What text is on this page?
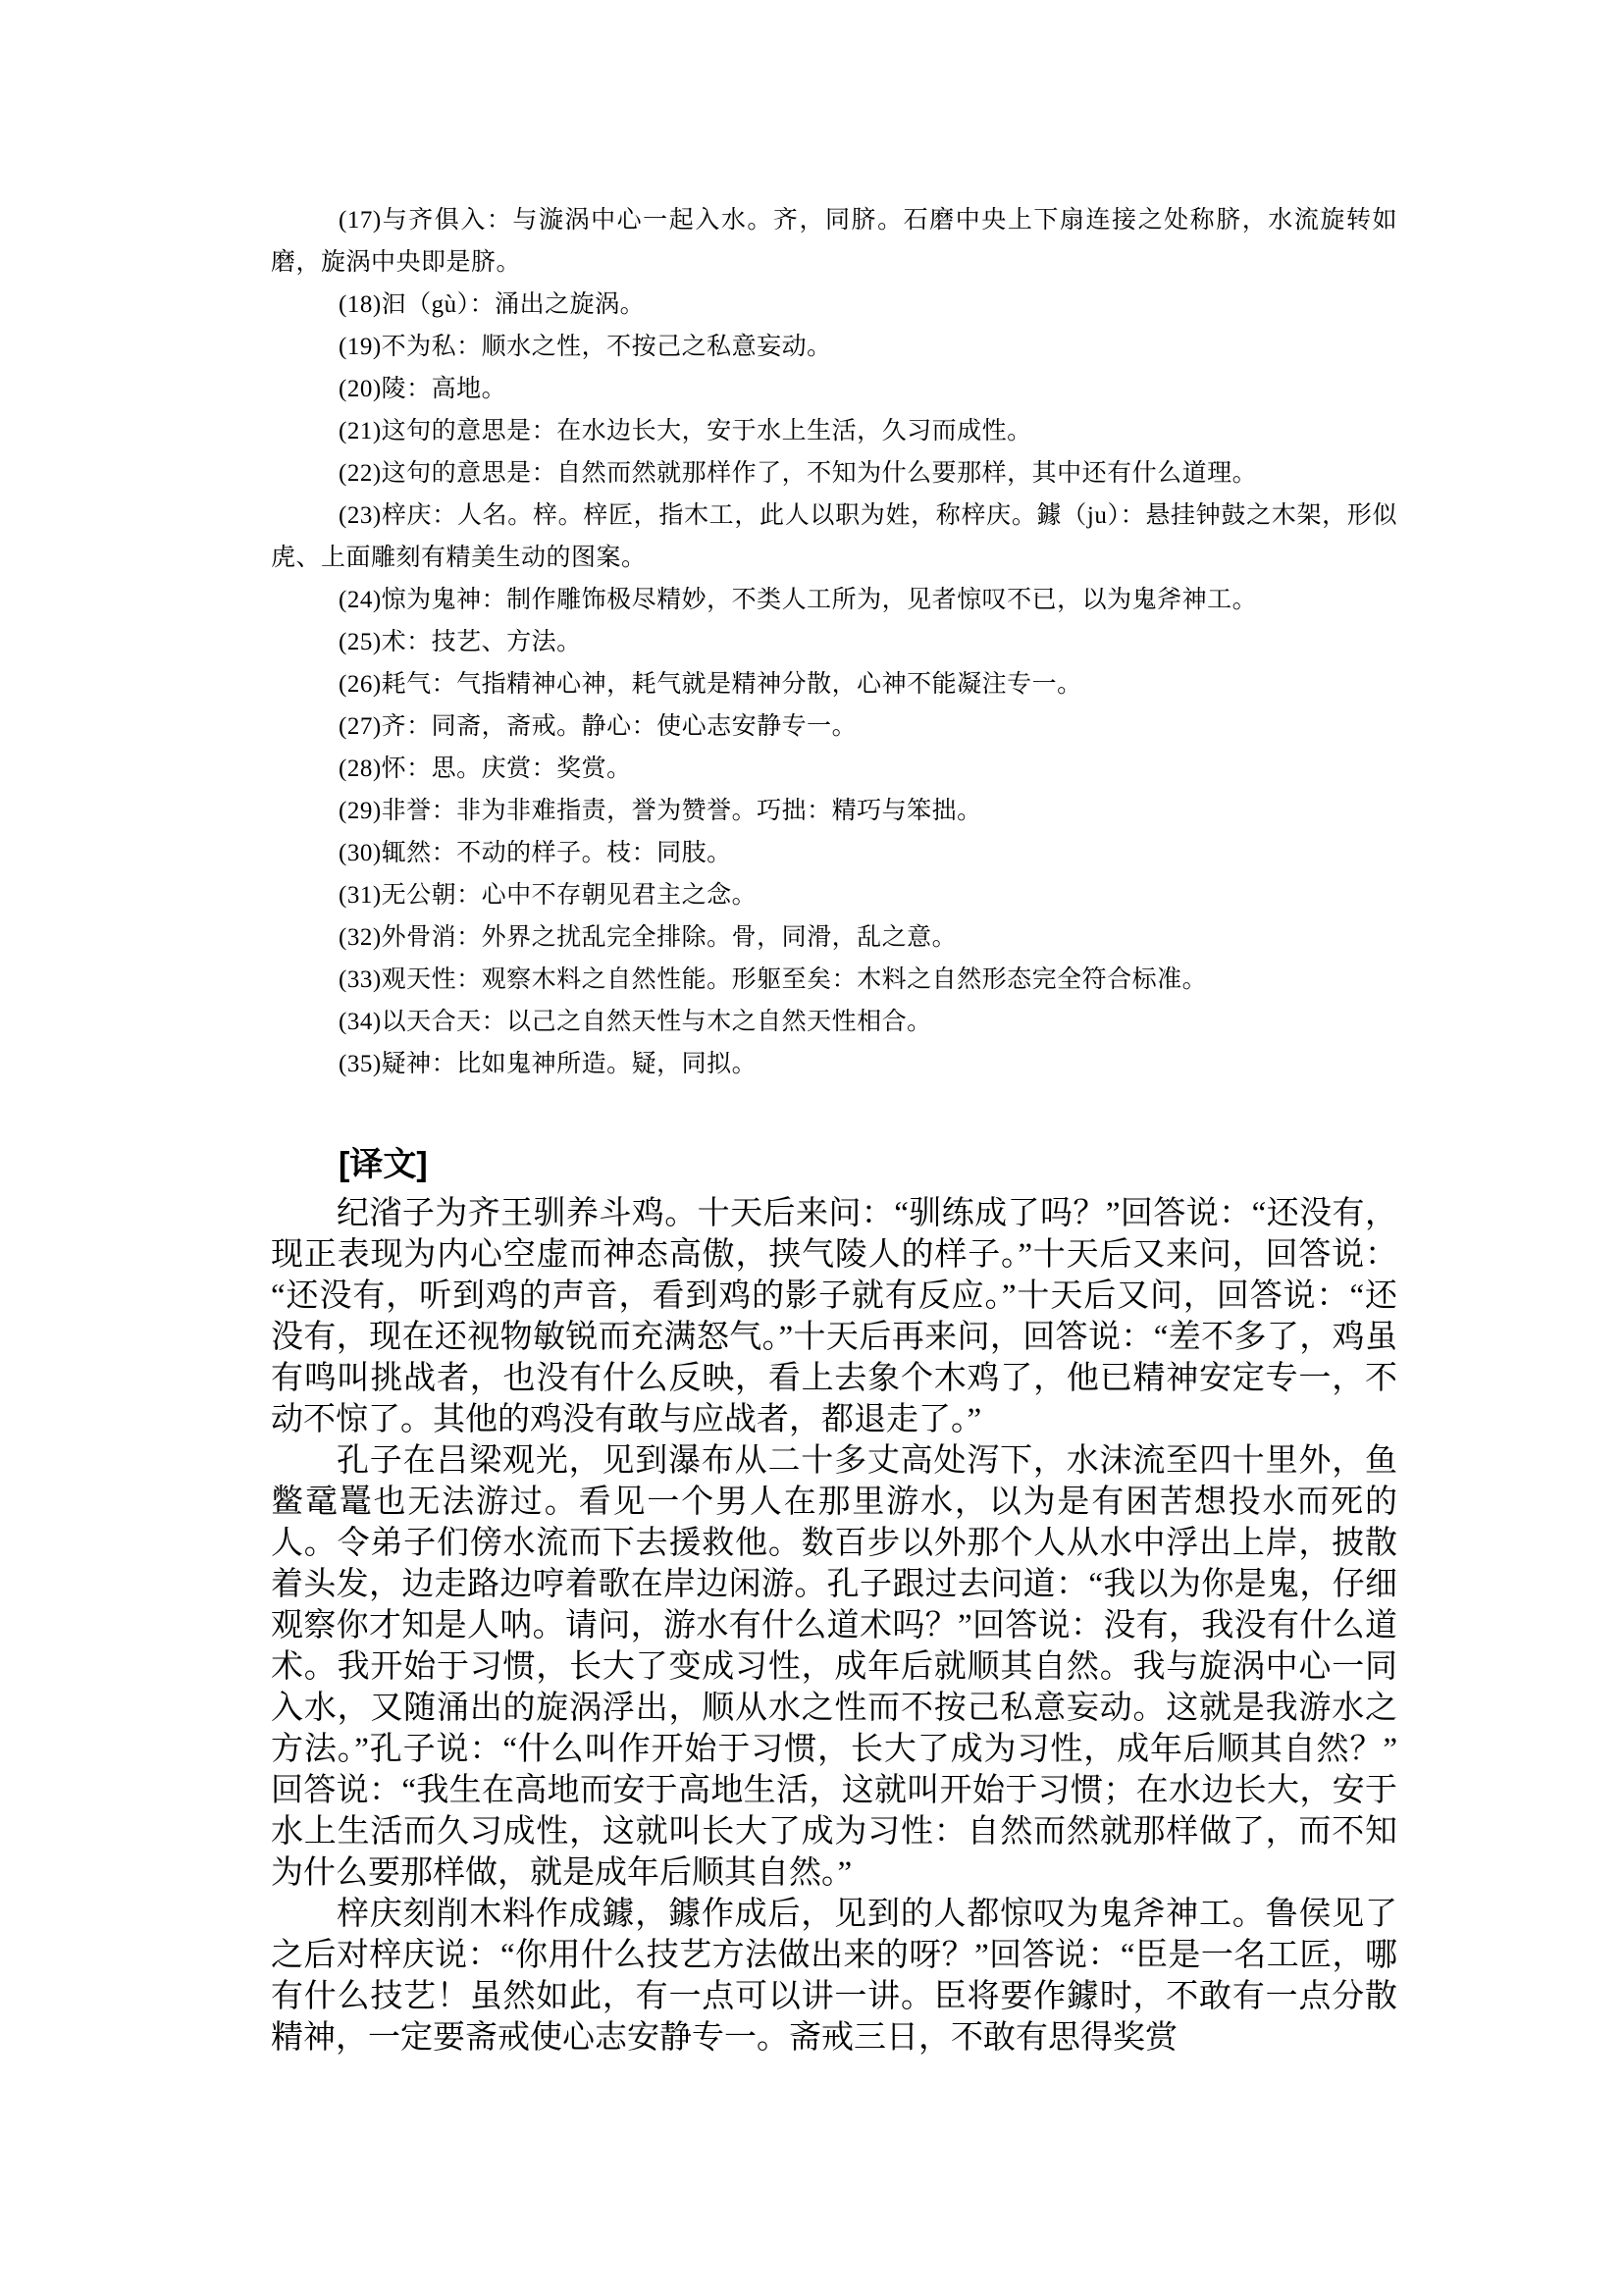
(17)与齐俱入：与漩涡中心一起入水。齐，同脐。石磨中央上下扇连接之处称脐，水流旋转如磨，旋涡中央即是脐。

(18)汩（gù）：涌出之旋涡。

(19)不为私：顺水之性，不按己之私意妄动。

(20)陵：高地。

(21)这句的意思是：在水边长大，安于水上生活，久习而成性。

(22)这句的意思是：自然而然就那样作了，不知为什么要那样，其中还有什么道理。

(23)梓庆：人名。梓。梓匠，指木工，此人以职为姓，称梓庆。鐻（ju）：悬挂钟鼓之木架，形似虎、上面雕刻有精美生动的图案。

(24)惊为鬼神：制作雕饰极尽精妙，不类人工所为，见者惊叹不已，以为鬼斧神工。

(25)术：技艺、方法。

(26)耗气：气指精神心神，耗气就是精神分散，心神不能凝注专一。

(27)齐：同斋，斋戒。静心：使心志安静专一。

(28)怀：思。庆赏：奖赏。

(29)非誉：非为非难指责，誉为赞誉。巧拙：精巧与笨拙。

(30)辄然：不动的样子。枝：同肢。

(31)无公朝：心中不存朝见君主之念。

(32)外骨消：外界之扰乱完全排除。骨，同滑，乱之意。

(33)观天性：观察木料之自然性能。形躯至矣：木料之自然形态完全符合标准。

(34)以天合天：以己之自然天性与木之自然天性相合。

(35)疑神：比如鬼神所造。疑，同拟。

[译文]

纪渻子为齐王驯养斗鸡。十天后来问：“驯练成了吗？”回答说：“还没有，现正表现为内心空虚而神态高傲，挟气陵人的样子。”十天后又来问，回答说：“还没有，听到鸡的声音，看到鸡的影子就有反应。”十天后又问，回答说：“还没有，现在还视物敏锐而充满怒气。”十天后再来问，回答说：“差不多了，鸡虽有鸣叫挑战者，也没有什么反映，看上去象个木鸡了，他已精神安定专一，不动不惊了。其他的鸡没有敢与应战者，都退走了。”

孔子在吕梁观光，见到瀑布从二十多丈高处泻下，水沫流至四十里外，鱼鳖鼋鼍也无法游过。看见一个男人在那里游水，以为是有困苦想投水而死的人。令弟子们傍水流而下去援救他。数百步以外那个人从水中浮出上岸，披散着头发，边走路边哼着歌在岸边闲游。孔子跟过去问道：“我以为你是鬼，仔细观察你才知是人呐。请问，游水有什么道术吗？”回答说：没有，我没有什么道术。我开始于习惯，长大了变成习性，成年后就顺其自然。我与旋涡中心一同入水，又随涌出的旋涡浮出，顺从水之性而不按己私意妄动。这就是我游水之方法。”孔子说：“什么叫作开始于习惯，长大了成为习性，成年后顺其自然？”回答说：“我生在高地而安于高地生活，这就叫开始于习惯；在水边长大，安于水上生活而久习成性，这就叫长大了成为习性：自然而然就那样做了，而不知为什么要那样做，就是成年后顺其自然。”

梓庆刻削木料作成鐻，鐻作成后，见到的人都惊叹为鬼斧神工。鲁侯见了之后对梓庆说：“你用什么技艺方法做出来的呀？”回答说：“臣是一名工匠，哪有什么技艺！虽然如此，有一点可以讲一讲。臣将要作鐻时，不敢有一点分散精神，一定要斋戒使心志安静专一。斋戒三日，不敢有思得奖赏
